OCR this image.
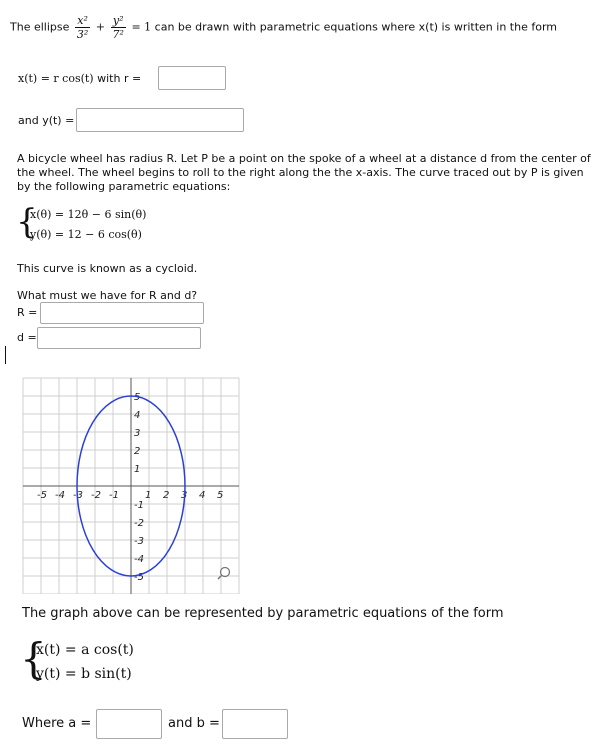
The ellipse $\frac{\text{x²}}{\text{3²}} + \frac{\text{y²}}{\text{7²}} = 1$ can be drawn with parametric equations where x(t) is written in the form
x(t) = r cos(t) with r =
and y(t) =
A bicycle wheel has radius R. Let P be a point on the spoke of a wheel at a distance d from the center of the wheel. The wheel begins to roll to the right along the the x-axis. The curve traced out by P is given by the following parametric equations:
{
x(θ) = 12θ − 6 sin(θ)
y(θ) = 12 − 6 cos(θ)
This curve is known as a cycloid.
What must we have for R and d?
R =
d =
-5 -4 -3 -2 -1	1 2 3 4 5
5
4
3
2
1
-1
-2
-3
-4
-5
The graph above can be represented by parametric equations of the form
{
x(t) = a cos(t)
y(t) = b sin(t)
Where a =	and b =
